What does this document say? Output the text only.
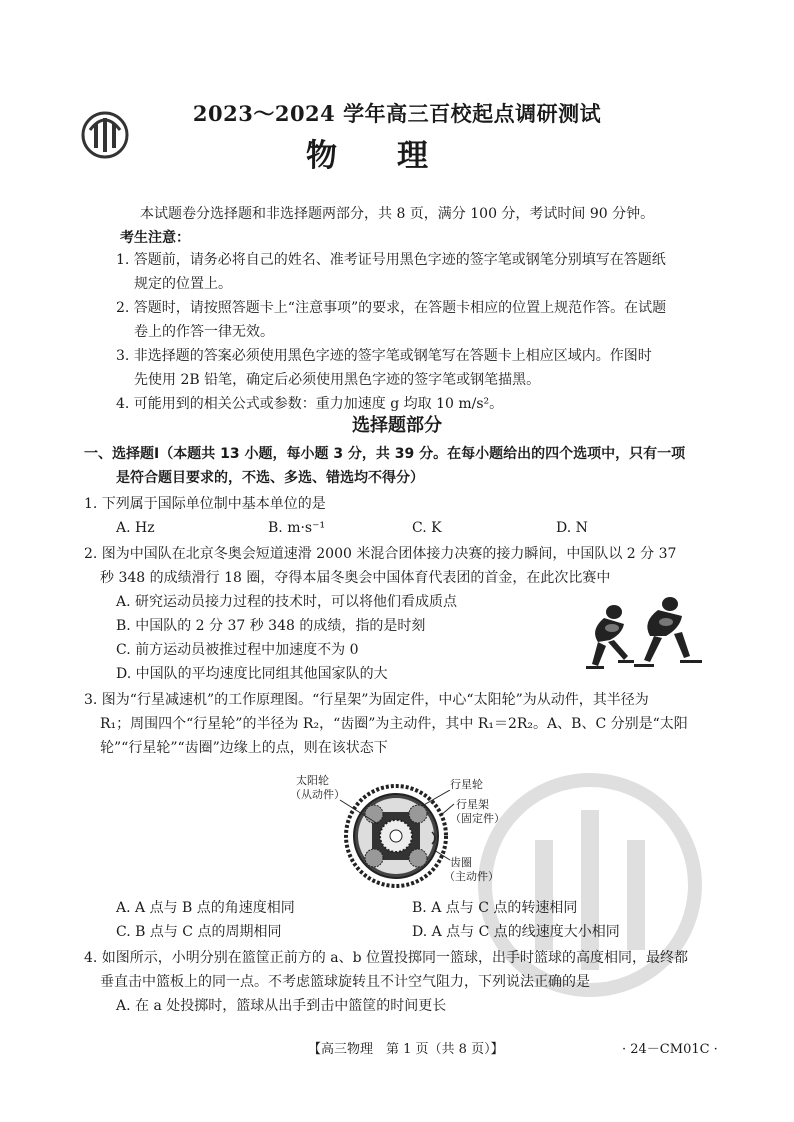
2023～2024 学年高三百校起点调研测试
物理
本试题卷分选择题和非选择题两部分，共 8 页，满分 100 分，考试时间 90 分钟。
考生注意：
1. 答题前，请务必将自己的姓名、准考证号用黑色字迹的签字笔或钢笔分别填写在答题纸
规定的位置上。
2. 答题时，请按照答题卡上“注意事项”的要求，在答题卡相应的位置上规范作答。在试题
卷上的作答一律无效。
3. 非选择题的答案必须使用黑色字迹的签字笔或钢笔写在答题卡上相应区域内。作图时
先使用 2B 铅笔，确定后必须使用黑色字迹的签字笔或钢笔描黑。
4. 可能用到的相关公式或参数：重力加速度 g 均取 10 m/s²。
选择题部分
一、选择题Ⅰ（本题共 13 小题，每小题 3 分，共 39 分。在每小题给出的四个选项中，只有一项
是符合题目要求的，不选、多选、错选均不得分）
1. 下列属于国际单位制中基本单位的是
A. Hz	B. m·s⁻¹	C. K	D. N
2. 图为中国队在北京冬奥会短道速滑 2000 米混合团体接力决赛的接力瞬间，中国队以 2 分 37
秒 348 的成绩滑行 18 圈，夺得本届冬奥会中国体育代表团的首金，在此次比赛中
A. 研究运动员接力过程的技术时，可以将他们看成质点
B. 中国队的 2 分 37 秒 348 的成绩，指的是时刻
C. 前方运动员被推过程中加速度不为 0
D. 中国队的平均速度比同组其他国家队的大
3. 图为“行星减速机”的工作原理图。“行星架”为固定件，中心“太阳轮”为从动件，其半径为
R₁；周围四个“行星轮”的半径为 R₂，“齿圈”为主动件，其中 R₁＝2R₂。A、B、C 分别是“太阳
轮”“行星轮”“齿圈”边缘上的点，则在该状态下
太阳轮
（从动件）
行星轮
行星架
（固定件）
齿圈
（主动件）
A. A 点与 B 点的角速度相同	B. A 点与 C 点的转速相同
C. B 点与 C 点的周期相同	D. A 点与 C 点的线速度大小相同
4. 如图所示，小明分别在篮筐正前方的 a、b 位置投掷同一篮球，出手时篮球的高度相同，最终都
垂直击中篮板上的同一点。不考虑篮球旋转且不计空气阻力，下列说法正确的是
A. 在 a 处投掷时，篮球从出手到击中篮筐的时间更长
【高三物理　第 1 页（共 8 页）】	· 24－CM01C ·
